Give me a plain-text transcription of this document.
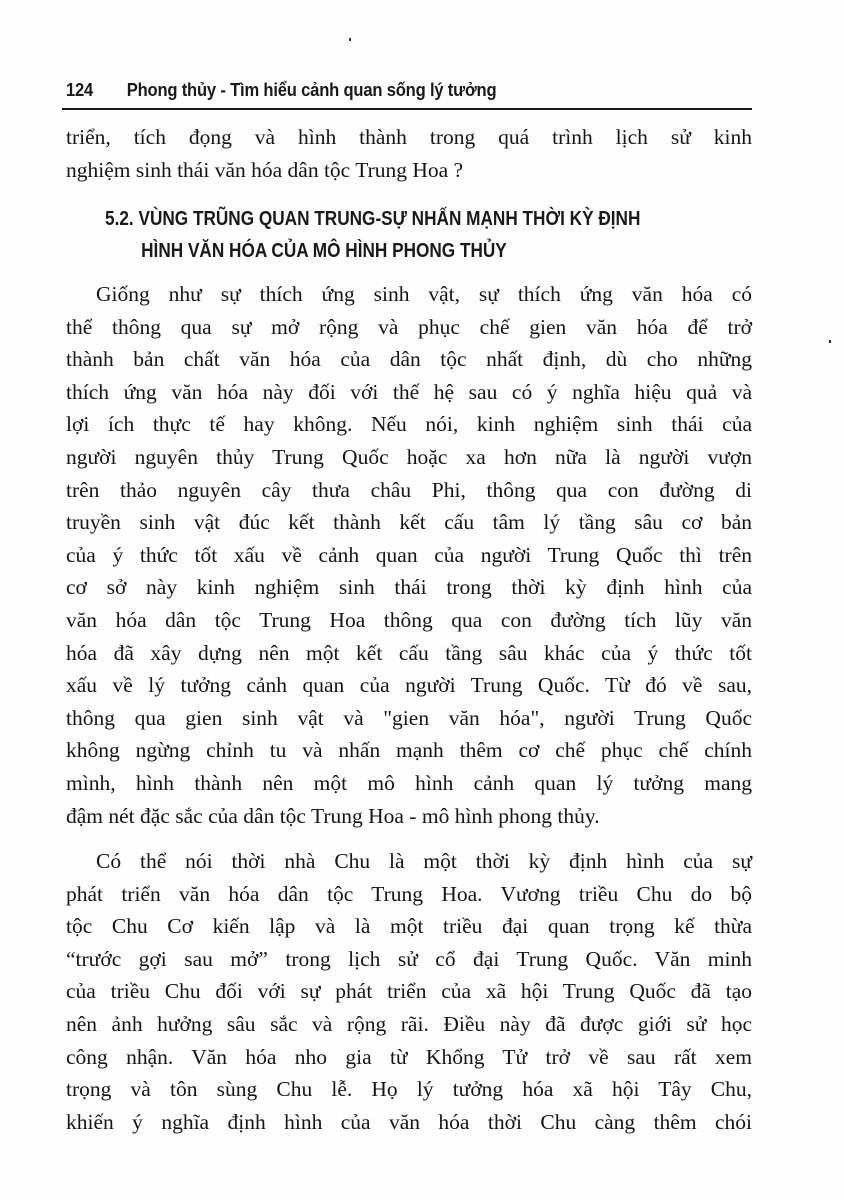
124 Phong thủy - Tìm hiểu cảnh quan sống lý tưởng
triển, tích đọng và hình thành trong quá trình lịch sử kinh
nghiệm sinh thái văn hóa dân tộc Trung Hoa ?
5.2. VÙNG TRŨNG QUAN TRUNG-SỰ NHẤN MẠNH THỜI KỲ ĐỊNH
HÌNH VĂN HÓA CỦA MÔ HÌNH PHONG THỦY
Giống như sự thích ứng sinh vật, sự thích ứng văn hóa có
thể thông qua sự mở rộng và phục chế gien văn hóa để trở
thành bản chất văn hóa của dân tộc nhất định, dù cho những
thích ứng văn hóa này đối với thế hệ sau có ý nghĩa hiệu quả và
lợi ích thực tế hay không. Nếu nói, kinh nghiệm sinh thái của
người nguyên thủy Trung Quốc hoặc xa hơn nữa là người vượn
trên thảo nguyên cây thưa châu Phi, thông qua con đường di
truyền sinh vật đúc kết thành kết cấu tâm lý tầng sâu cơ bản
của ý thức tốt xấu về cảnh quan của người Trung Quốc thì trên
cơ sở này kinh nghiệm sinh thái trong thời kỳ định hình của
văn hóa dân tộc Trung Hoa thông qua con đường tích lũy văn
hóa đã xây dựng nên một kết cấu tầng sâu khác của ý thức tốt
xấu về lý tưởng cảnh quan của người Trung Quốc. Từ đó về sau,
thông qua gien sinh vật và "gien văn hóa", người Trung Quốc
không ngừng chỉnh tu và nhấn mạnh thêm cơ chế phục chế chính
mình, hình thành nên một mô hình cảnh quan lý tưởng mang
đậm nét đặc sắc của dân tộc Trung Hoa - mô hình phong thủy.
Có thể nói thời nhà Chu là một thời kỳ định hình của sự
phát triển văn hóa dân tộc Trung Hoa. Vương triều Chu do bộ
tộc Chu Cơ kiến lập và là một triều đại quan trọng kế thừa
“trước gợi sau mở” trong lịch sử cổ đại Trung Quốc. Văn minh
của triều Chu đối với sự phát triển của xã hội Trung Quốc đã tạo
nên ảnh hưởng sâu sắc và rộng rãi. Điều này đã được giới sử học
công nhận. Văn hóa nho gia từ Khổng Tử trở về sau rất xem
trọng và tôn sùng Chu lễ. Họ lý tưởng hóa xã hội Tây Chu,
khiến ý nghĩa định hình của văn hóa thời Chu càng thêm chói
